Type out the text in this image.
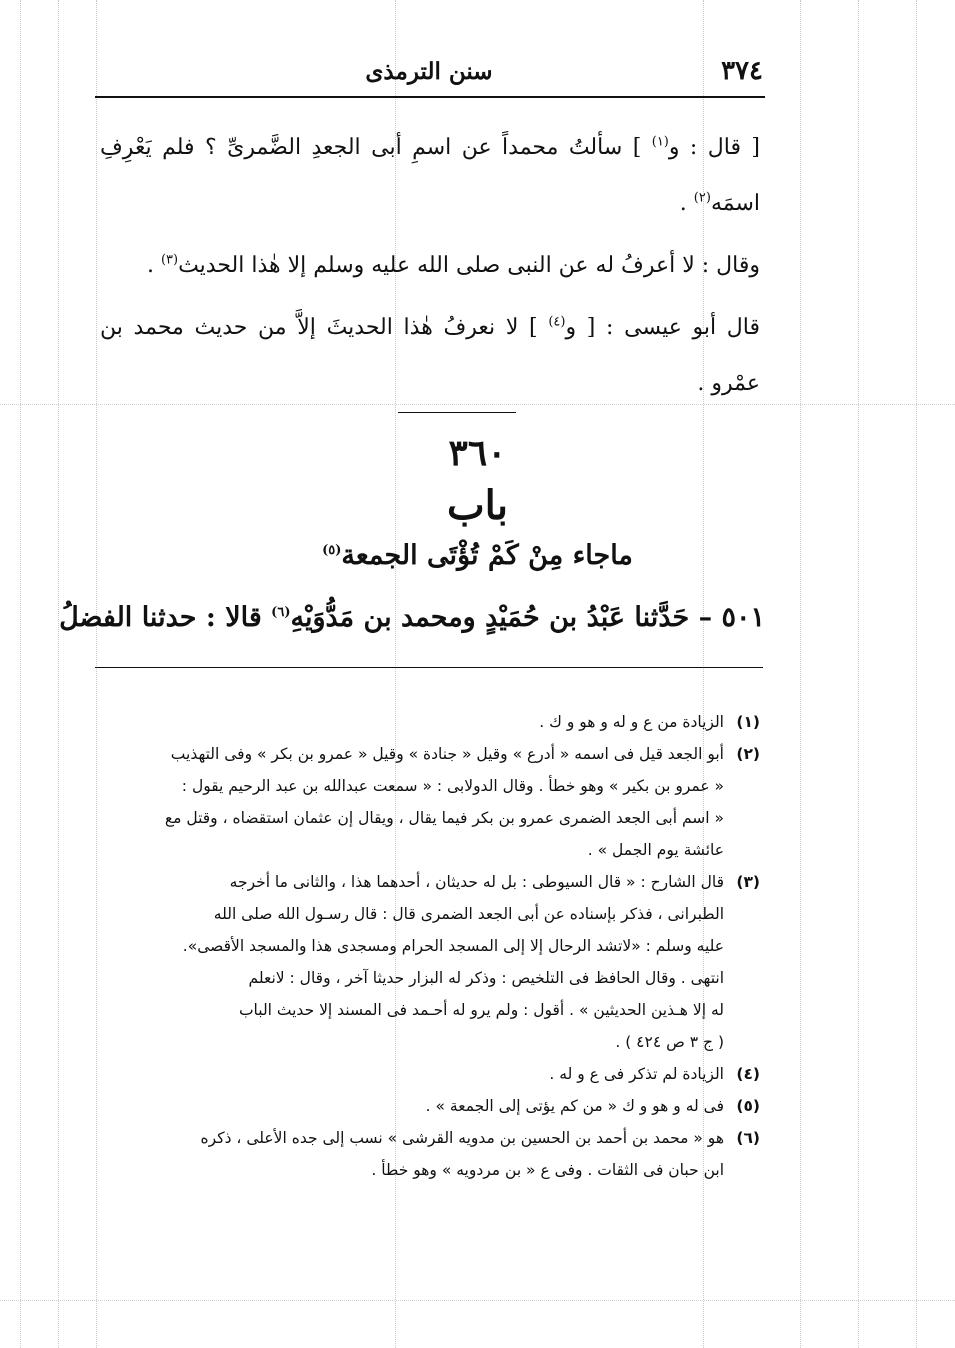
٣٧٤
سنن الترمذى

[ قال : و$^{(١)}$ ] سألتُ محمداً عن اسمِ أبى الجعدِ الضَّمرىِّ ؟ فلم يَعْرِفِ اسمَه$^{(٢)}$ .

وقال : لا أعرفُ له عن النبى صلى الله عليه وسلم إلا هٰذا الحديث$^{(٣)}$ .

قال أبو عيسى : [ و$^{(٤)}$ ] لا نعرفُ هٰذا الحديثَ إلاَّ من حديث محمد بن عمْرو .

٣٦٠
باب
ماجاء مِنْ كَمْ تُؤْتَى الجمعة$^{(٥)}$
٥٠١ – حَدَّثنا عَبْدُ بن حُمَيْدٍ ومحمد بن مَدُّوَيْهِ$^{(٦)}$ قالا : حدثنا الفضلُ
(١)
الزيادة من ع و له و هو و ك .
(٢)
أبو الجعد قيل فى اسمه « أدرع » وقيل « جنادة » وقيل « عمرو بن بكر » وفى التهذيب
« عمرو بن بكير » وهو خطأ . وقال الدولابى : « سمعت عبدالله بن عبد الرحيم يقول :
« اسم أبى الجعد الضمرى عمرو بن بكر فيما يقال ، ويقال إن عثمان استقضاه ، وقتل مع
عائشة يوم الجمل » .
(٣)
قال الشارح : « قال السيوطى : بل له حديثان ، أحدهما هذا ، والثانى ما أخرجه
الطبرانى ، فذكر بإسناده عن أبى الجعد الضمرى قال : قال رسـول الله صلى الله
عليه وسلم : «لاتشد الرحال إلا إلى المسجد الحرام ومسجدى هذا والمسجد الأقصى».
انتهى . وقال الحافظ فى التلخيص : وذكر له البزار حديثا آخر ، وقال : لانعلم
له إلا هـذين الحديثين » . أقول : ولم يرو له أحـمد فى المسند إلا حديث الباب
( ج ٣ ص ٤٢٤ ) .
(٤)
الزيادة لم تذكر فى ع و له .
(٥)
فى له و هو و ك « من كم يؤتى إلى الجمعة » .
(٦)
هو « محمد بن أحمد بن الحسين بن مدويه القرشى » نسب إلى جده الأعلى ، ذكره
ابن حبان فى الثقات . وفى ع « بن مردويه » وهو خطأ .
